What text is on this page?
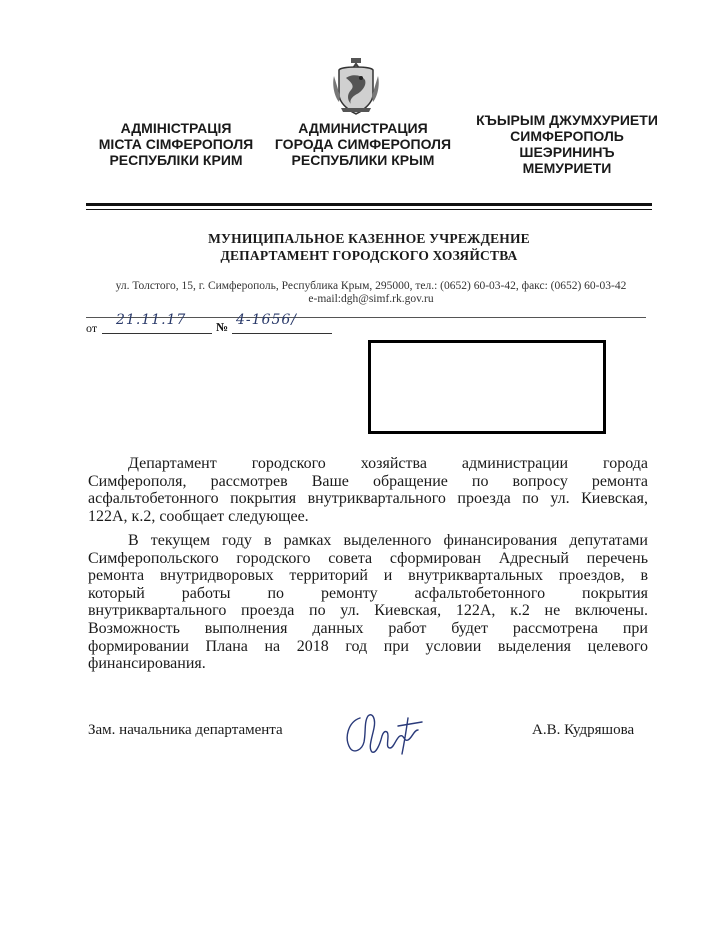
АДМІНІСТРАЦІЯ
МІСТА СІМФЕРОПОЛЯ
РЕСПУБЛІКИ КРИМ
АДМИНИСТРАЦИЯ
ГОРОДА СИМФЕРОПОЛЯ
РЕСПУБЛИКИ КРЫМ
КЪЫРЫМ ДЖУМХУРИЕТИ
СИМФЕРОПОЛЬ
ШЕЭРИНИНЪ
МЕМУРИЕТИ
МУНИЦИПАЛЬНОЕ КАЗЕННОЕ УЧРЕЖДЕНИЕ
ДЕПАРТАМЕНТ ГОРОДСКОГО ХОЗЯЙСТВА
ул. Толстого, 15, г. Симферополь, Республика Крым, 295000, тел.: (0652) 60-03-42, факс: (0652) 60-03-42
e-mail:dgh@simf.rk.gov.ru
от 21.11.17 № 4-1656/
Департамент городского хозяйства администрации города
Симферополя, рассмотрев Ваше обращение по вопросу ремонта
асфальтобетонного покрытия внутриквартального проезда по ул. Киевская,
122А, к.2, сообщает следующее.
В текущем году в рамках выделенного финансирования депутатами
Симферопольского городского совета сформирован Адресный перечень
ремонта внутридворовых территорий и внутриквартальных проездов, в
который работы по ремонту асфальтобетонного покрытия
внутриквартального проезда по ул. Киевская, 122А, к.2 не включены.
Возможность выполнения данных работ будет рассмотрена при
формировании Плана на 2018 год при условии выделения целевого
финансирования.
Зам. начальника департамента	А.В. Кудряшова
